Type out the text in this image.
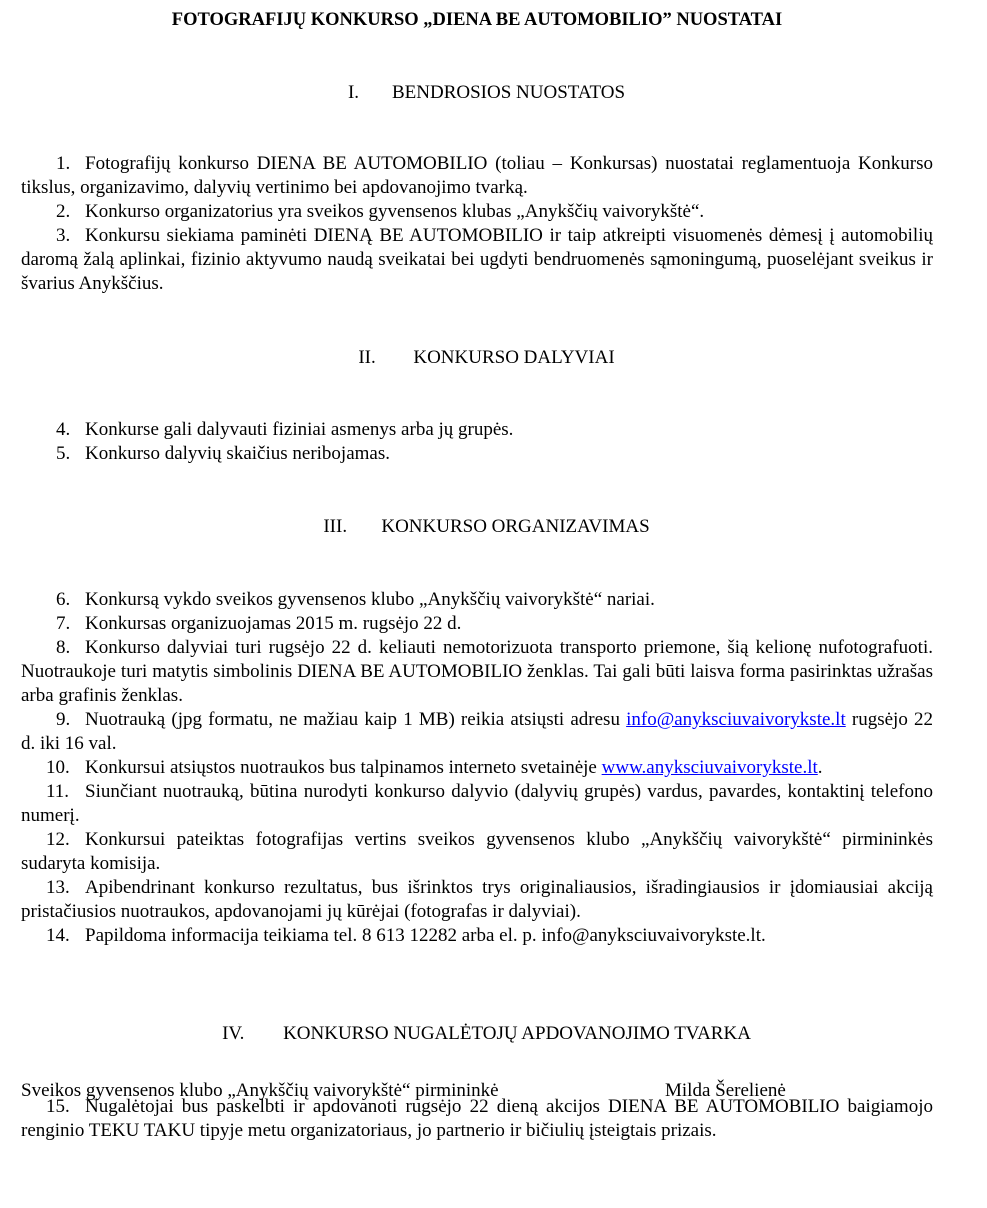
FOTOGRAFIJŲ KONKURSO „DIENA BE AUTOMOBILIO” NUOSTATAI

I. BENDROSIOS NUOSTATOS

1. Fotografijų konkurso DIENA BE AUTOMOBILIO (toliau – Konkursas) nuostatai reglamentuoja Konkurso tikslus, organizavimo, dalyvių vertinimo bei apdovanojimo tvarką.

2. Konkurso organizatorius yra sveikos gyvensenos klubas „Anykščių vaivorykštė“.

3. Konkursu siekiama paminėti DIENĄ BE AUTOMOBILIO ir taip atkreipti visuomenės dėmesį į automobilių daromą žalą aplinkai, fizinio aktyvumo naudą sveikatai bei ugdyti bendruomenės sąmoningumą, puoselėjant sveikus ir švarius Anykščius.

II. KONKURSO DALYVIAI

4. Konkurse gali dalyvauti fiziniai asmenys arba jų grupės.

5. Konkurso dalyvių skaičius neribojamas.

III. KONKURSO ORGANIZAVIMAS

6. Konkursą vykdo sveikos gyvensenos klubo „Anykščių vaivorykštė“ nariai.

7. Konkursas organizuojamas 2015 m. rugsėjo 22 d.

8. Konkurso dalyviai turi rugsėjo 22 d. keliauti nemotorizuota transporto priemone, šią kelionę nufotografuoti. Nuotraukoje turi matytis simbolinis DIENA BE AUTOMOBILIO ženklas. Tai gali būti laisva forma pasirinktas užrašas arba grafinis ženklas.

9. Nuotrauką (jpg formatu, ne mažiau kaip 1 MB) reikia atsiųsti adresu info@anyksciuvaivorykste.lt rugsėjo 22 d. iki 16 val.

10. Konkursui atsiųstos nuotraukos bus talpinamos interneto svetainėje www.anyksciuvaivorykste.lt.

11. Siunčiant nuotrauką, būtina nurodyti konkurso dalyvio (dalyvių grupės) vardus, pavardes, kontaktinį telefono numerį.

12. Konkursui pateiktas fotografijas vertins sveikos gyvensenos klubo „Anykščių vaivorykštė“ pirmininkės sudaryta komisija.

13. Apibendrinant konkurso rezultatus, bus išrinktos trys originaliausios, išradingiausios ir įdomiausiai akciją pristačiusios nuotraukos, apdovanojami jų kūrėjai (fotografas ir dalyviai).

14. Papildoma informacija teikiama tel. 8 613 12282 arba el. p. info@anyksciuvaivorykste.lt.

IV. KONKURSO NUGALĖTOJŲ APDOVANOJIMO TVARKA

15. Nugalėtojai bus paskelbti ir apdovanoti rugsėjo 22 dieną akcijos DIENA BE AUTOMOBILIO baigiamojo renginio TEKU TAKU tipyje metu organizatoriaus, jo partnerio ir bičiulių įsteigtais prizais.

Sveikos gyvensenos klubo „Anykščių vaivorykštė“ pirmininkė	Milda Šerelienė
